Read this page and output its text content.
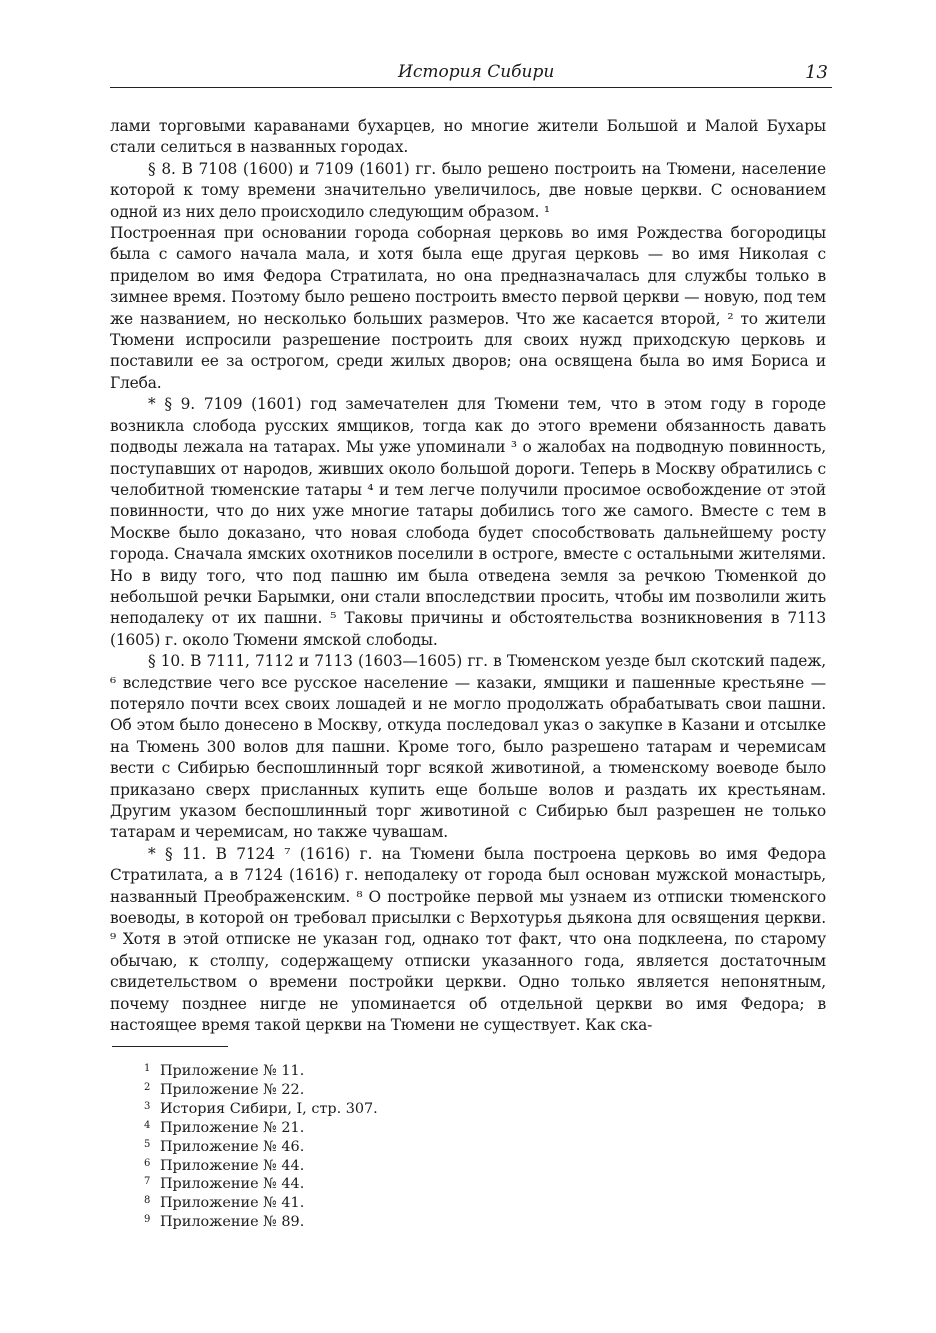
История Сибири	13

лами торговыми караванами бухарцев, но многие жители Большой и Малой Бухары стали селиться в названных городах.

§ 8. В 7108 (1600) и 7109 (1601) гг. было решено построить на Тюмени, население которой к тому времени значительно увеличилось, две новые церкви. С основанием одной из них дело происходило следующим образом. ¹

Построенная при основании города соборная церковь во имя Рождества богородицы была с самого начала мала, и хотя была еще другая церковь — во имя Николая с приделом во имя Федора Стратилата, но она предназначалась для службы только в зимнее время. Поэтому было решено построить вместо первой церкви — новую, под тем же названием, но несколько больших размеров. Что же касается второй, ² то жители Тюмени испросили разрешение построить для своих нужд приходскую церковь и поставили ее за острогом, среди жилых дворов; она освящена была во имя Бориса и Глеба.

* § 9. 7109 (1601) год замечателен для Тюмени тем, что в этом году в городе возникла слобода русских ямщиков, тогда как до этого времени обязанность давать подводы лежала на татарах. Мы уже упоминали ³ о жалобах на подводную повинность, поступавших от народов, живших около большой дороги. Теперь в Москву обратились с челобитной тюменские татары ⁴ и тем легче получили просимое освобождение от этой повинности, что до них уже многие татары добились того же самого. Вместе с тем в Москве было доказано, что новая слобода будет способствовать дальнейшему росту города. Сначала ямских охотников поселили в остроге, вместе с остальными жителями. Но в виду того, что под пашню им была отведена земля за речкою Тюменкой до небольшой речки Барымки, они стали впоследствии просить, чтобы им позволили жить неподалеку от их пашни. ⁵ Таковы причины и обстоятельства возникновения в 7113 (1605) г. около Тюмени ямской слободы.

§ 10. В 7111, 7112 и 7113 (1603—1605) гг. в Тюменском уезде был скотский падеж, ⁶ вследствие чего все русское население — казаки, ямщики и пашенные крестьяне — потеряло почти всех своих лошадей и не могло продолжать обрабатывать свои пашни. Об этом было донесено в Москву, откуда последовал указ о закупке в Казани и отсылке на Тюмень 300 волов для пашни. Кроме того, было разрешено татарам и черемисам вести с Сибирью беспошлинный торг всякой животиной, а тюменскому воеводе было приказано сверх присланных купить еще больше волов и раздать их крестьянам. Другим указом беспошлинный торг животиной с Сибирью был разрешен не только татарам и черемисам, но также чувашам.

* § 11. В 7124 ⁷ (1616) г. на Тюмени была построена церковь во имя Федора Стратилата, а в 7124 (1616) г. неподалеку от города был основан мужской монастырь, названный Преображенским. ⁸ О постройке первой мы узнаем из отписки тюменского воеводы, в которой он требовал присылки с Верхотурья дьякона для освящения церкви. ⁹ Хотя в этой отписке не указан год, однако тот факт, что она подклеена, по старому обычаю, к столпу, содержащему отписки указанного года, является достаточным свидетельством о времени постройки церкви. Одно только является непонятным, почему позднее нигде не упоминается об отдельной церкви во имя Федора; в настоящее время такой церкви на Тюмени не существует. Как ска-

1 Приложение № 11.
2 Приложение № 22.
3 История Сибири, I, стр. 307.
4 Приложение № 21.
5 Приложение № 46.
6 Приложение № 44.
7 Приложение № 44.
8 Приложение № 41.
9 Приложение № 89.
